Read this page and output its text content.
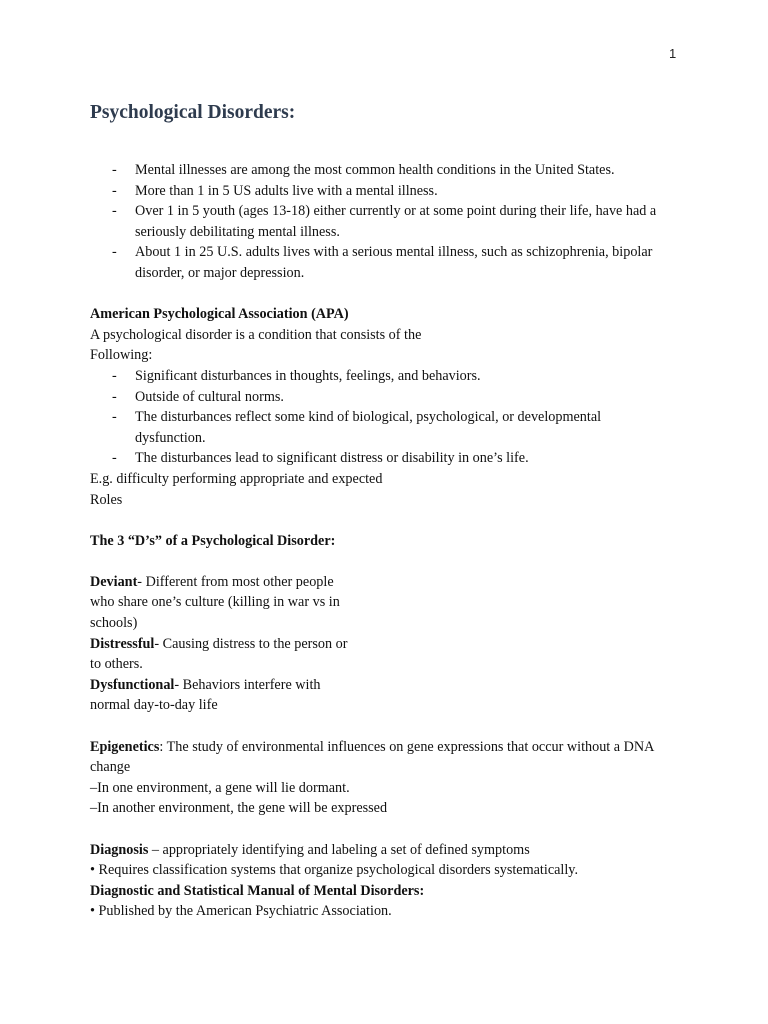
1
Psychological Disorders:
- Mental illnesses are among the most common health conditions in the United States.
- More than 1 in 5 US adults live with a mental illness.
- Over 1 in 5 youth (ages 13-18) either currently or at some point during their life, have had a seriously debilitating mental illness.
- About 1 in 25 U.S. adults lives with a serious mental illness, such as schizophrenia, bipolar disorder, or major depression.

American Psychological Association (APA)

A psychological disorder is a condition that consists of the

Following:

- Significant disturbances in thoughts, feelings, and behaviors.
- Outside of cultural norms.
- The disturbances reflect some kind of biological, psychological, or developmental dysfunction.
- The disturbances lead to significant distress or disability in one’s life.

E.g. difficulty performing appropriate and expected

Roles

The 3 “D’s” of a Psychological Disorder:

Deviant- Different from most other people who share one’s culture (killing in war vs in schools)

Distressful- Causing distress to the person or to others.

Dysfunctional- Behaviors interfere with normal day-to-day life

Epigenetics: The study of environmental influences on gene expressions that occur without a DNA change

–In one environment, a gene will lie dormant.

–In another environment, the gene will be expressed

Diagnosis – appropriately identifying and labeling a set of defined symptoms

• Requires classification systems that organize psychological disorders systematically.

Diagnostic and Statistical Manual of Mental Disorders:

• Published by the American Psychiatric Association.
